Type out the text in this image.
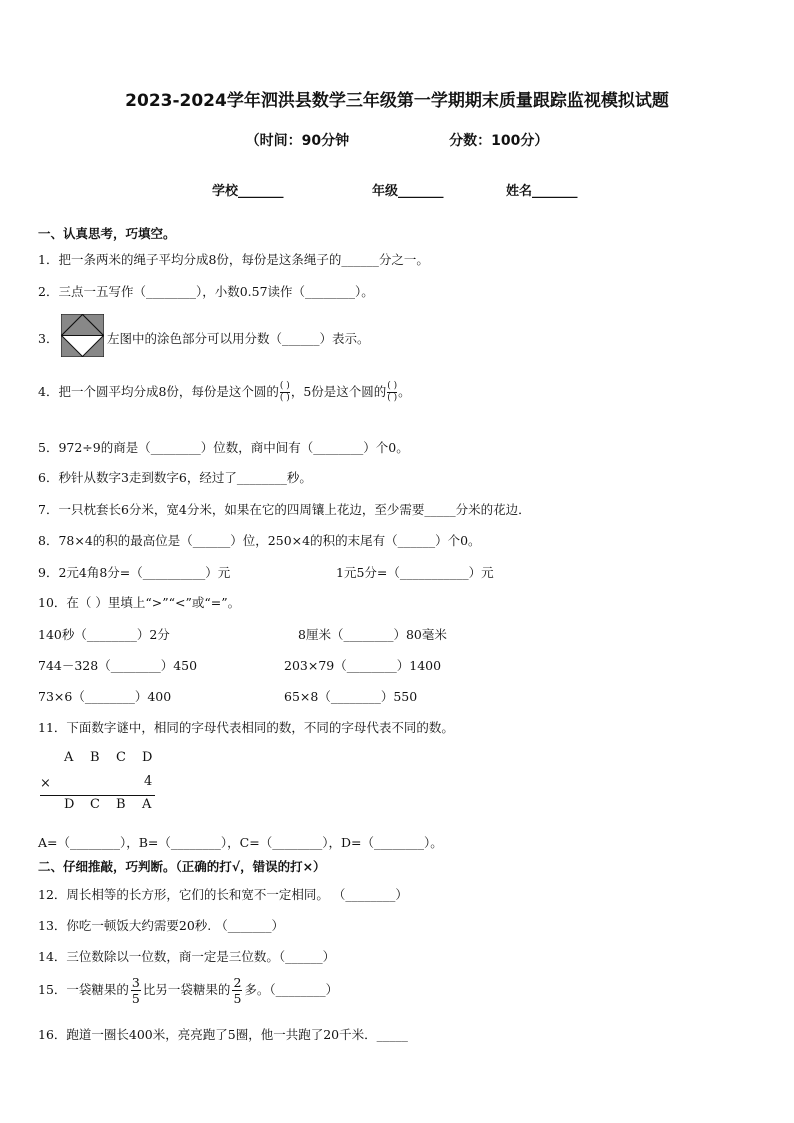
2023-2024学年泗洪县数学三年级第一学期期末质量跟踪监视模拟试题
（时间：90分钟	分数：100分）
学校_______	年级_______	姓名_______
一、认真思考，巧填空。
1．把一条两米的绳子平均分成8份，每份是这条绳子的______分之一。
2．三点一五写作（________），小数0.57读作（________）。
3．	左图中的涂色部分可以用分数（______）表示。
4．把一个圆平均分成8份，每份是这个圆的$\frac{( )}{( )}$，5份是这个圆的$\frac{( )}{( )}$。
5．972÷9的商是（________）位数，商中间有（________）个0。
6．秒针从数字3走到数字6，经过了________秒。
7．一只枕套长6分米，宽4分米，如果在它的四周镶上花边，至少需要_____分米的花边．
8．78×4的积的最高位是（______）位，250×4的积的末尾有（______）个0。
9．2元4角8分=（__________）元	1元5分=（___________）元
10．在（ ）里填上“>”“<”或“=”。
140秒（________）2分	8厘米（________）80毫米
744－328（________）450	203×79（________）1400
73×6（________）400	65×8（________）550
11．下面数字谜中，相同的字母代表相同的数，不同的字母代表不同的数。
A B C D
×	4
D C B A
A=（________），B=（________），C=（________），D=（________）。
二、仔细推敲，巧判断。（正确的打√，错误的打×）
12．周长相等的长方形，它们的长和宽不一定相同。 （________）
13．你吃一顿饭大约需要20秒. （_______）
14．三位数除以一位数，商一定是三位数。（______）
15．一袋糖果的 $\frac{3}{5}$ 比另一袋糖果的 $\frac{2}{5}$ 多。（________）
16．跑道一圈长400米，亮亮跑了5圈，他一共跑了20千米．_____
